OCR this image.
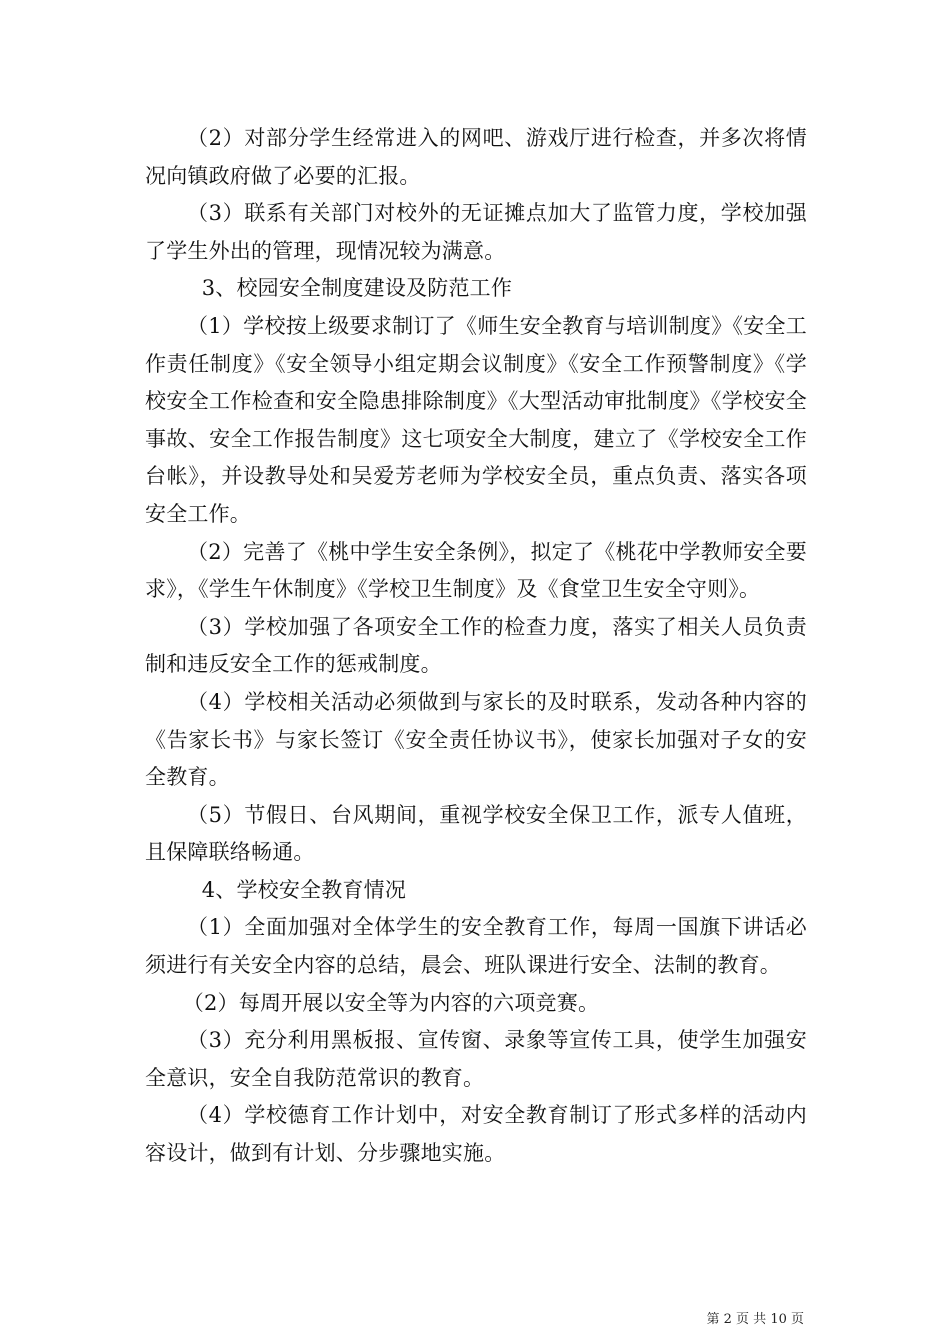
（2）对部分学生经常进入的网吧、游戏厅进行检查，并多次将情况向镇政府做了必要的汇报。

（3）联系有关部门对校外的无证摊点加大了监管力度，学校加强了学生外出的管理，现情况较为满意。

3、校园安全制度建设及防范工作

（1）学校按上级要求制订了《师生安全教育与培训制度》《安全工作责任制度》《安全领导小组定期会议制度》《安全工作预警制度》《学校安全工作检查和安全隐患排除制度》《大型活动审批制度》《学校安全事故、安全工作报告制度》这七项安全大制度，建立了《学校安全工作台帐》，并设教导处和吴爱芳老师为学校安全员，重点负责、落实各项安全工作。

（2）完善了《桃中学生安全条例》，拟定了《桃花中学教师安全要求》，《学生午休制度》《学校卫生制度》及《食堂卫生安全守则》。

（3）学校加强了各项安全工作的检查力度，落实了相关人员负责制和违反安全工作的惩戒制度。

（4）学校相关活动必须做到与家长的及时联系，发动各种内容的《告家长书》与家长签订《安全责任协议书》，使家长加强对子女的安全教育。

（5）节假日、台风期间，重视学校安全保卫工作，派专人值班，且保障联络畅通。

4、学校安全教育情况

（1）全面加强对全体学生的安全教育工作，每周一国旗下讲话必须进行有关安全内容的总结，晨会、班队课进行安全、法制的教育。

（2）每周开展以安全等为内容的六项竞赛。

（3）充分利用黑板报、宣传窗、录象等宣传工具，使学生加强安全意识，安全自我防范常识的教育。

（4）学校德育工作计划中，对安全教育制订了形式多样的活动内容设计，做到有计划、分步骤地实施。

第 2 页 共 10 页
